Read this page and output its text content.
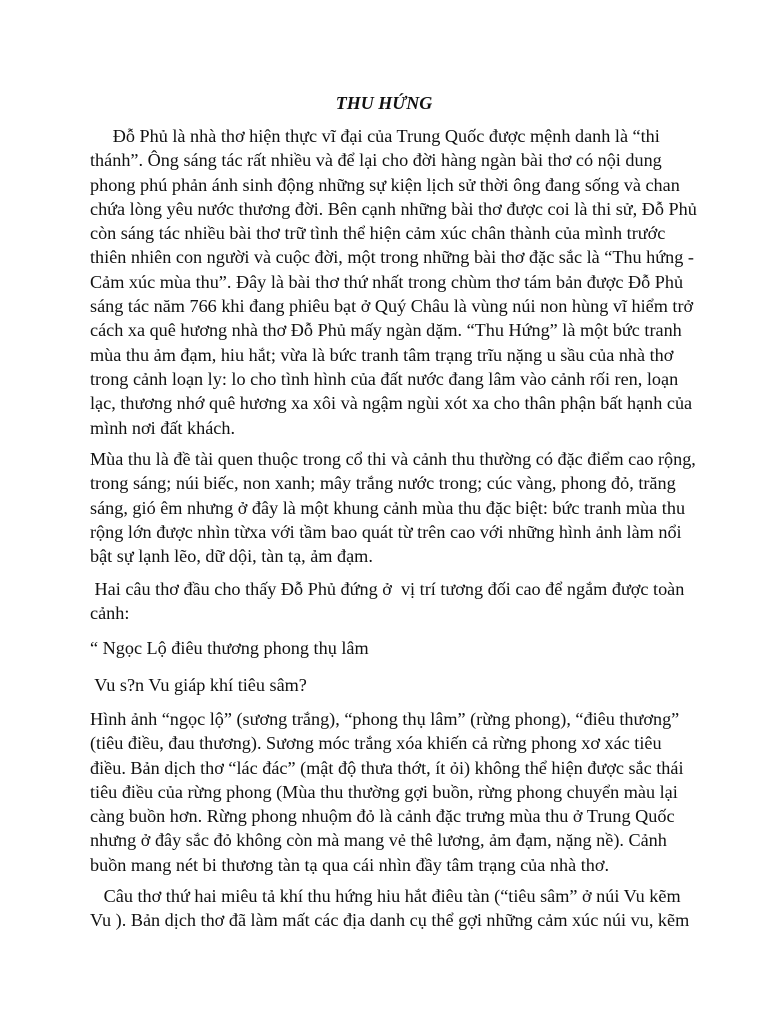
THU HỨNG
Đỗ Phủ là nhà thơ hiện thực vĩ đại của Trung Quốc được mệnh danh là “thi
thánh”. Ông sáng tác rất nhiều và để lại cho đời hàng ngàn bài thơ có nội dung
phong phú phản ánh sinh động những sự kiện lịch sử thời ông đang sống và chan
chứa lòng yêu nước thương đời. Bên cạnh những bài thơ được coi là thi sử, Đỗ Phủ
còn sáng tác nhiều bài thơ trữ tình thể hiện cảm xúc chân thành của mình trước
thiên nhiên con người và cuộc đời, một trong những bài thơ đặc sắc là “Thu hứng -
Cảm xúc mùa thu”. Đây là bài thơ thứ nhất trong chùm thơ tám bản được Đỗ Phủ
sáng tác năm 766 khi đang phiêu bạt ở Quý Châu là vùng núi non hùng vĩ hiểm trở
cách xa quê hương nhà thơ Đỗ Phủ mấy ngàn dặm. “Thu Hứng” là một bức tranh
mùa thu ảm đạm, hiu hắt; vừa là bức tranh tâm trạng trĩu nặng u sầu của nhà thơ
trong cảnh loạn ly: lo cho tình hình của đất nước đang lâm vào cảnh rối ren, loạn
lạc, thương nhớ quê hương xa xôi và ngậm ngùi xót xa cho thân phận bất hạnh của
mình nơi đất khách.
Mùa thu là đề tài quen thuộc trong cổ thi và cảnh thu thường có đặc điểm cao rộng,
trong sáng; núi biếc, non xanh; mây trắng nước trong; cúc vàng, phong đỏ, trăng
sáng, gió êm nhưng ở đây là một khung cảnh mùa thu đặc biệt: bức tranh mùa thu
rộng lớn được nhìn từxa với tầm bao quát từ trên cao với những hình ảnh làm nổi
bật sự lạnh lẽo, dữ dội, tàn tạ, ảm đạm.
Hai câu thơ đầu cho thấy Đỗ Phủ đứng ở  vị trí tương đối cao để ngắm được toàn
cảnh:
“ Ngọc Lộ điêu thương phong thụ lâm
Vu s?n Vu giáp khí tiêu sâm?
Hình ảnh “ngọc lộ” (sương trắng), “phong thụ lâm” (rừng phong), “điêu thương”
(tiêu điều, đau thương). Sương móc trắng xóa khiến cả rừng phong xơ xác tiêu
điều. Bản dịch thơ “lác đác” (mật độ thưa thớt, ít ỏi) không thể hiện được sắc thái
tiêu điều của rừng phong (Mùa thu thường gợi buồn, rừng phong chuyển màu lại
càng buồn hơn. Rừng phong nhuộm đỏ là cảnh đặc trưng mùa thu ở Trung Quốc
nhưng ở đây sắc đỏ không còn mà mang vẻ thê lương, ảm đạm, nặng nề). Cảnh
buồn mang nét bi thương tàn tạ qua cái nhìn đầy tâm trạng của nhà thơ.
Câu thơ thứ hai miêu tả khí thu hứng hiu hắt điêu tàn (“tiêu sâm” ở núi Vu kẽm
Vu ). Bản dịch thơ đã làm mất các địa danh cụ thể gợi những cảm xúc núi vu, kẽm
